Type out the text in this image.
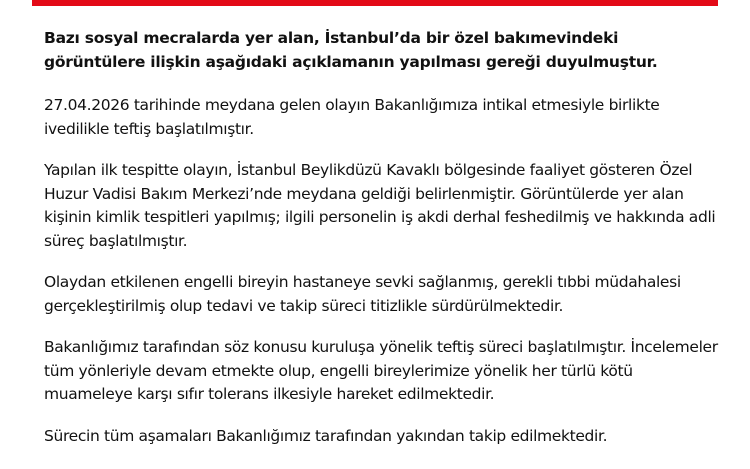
Bazı sosyal mecralarda yer alan, İstanbul’da bir özel bakımevindeki görüntülere ilişkin aşağıdaki açıklamanın yapılması gereği duyulmuştur.

27.04.2026 tarihinde meydana gelen olayın Bakanlığımıza intikal etmesiyle birlikte ivedilikle teftiş başlatılmıştır.

Yapılan ilk tespitte olayın, İstanbul Beylikdüzü Kavaklı bölgesinde faaliyet gösteren Özel Huzur Vadisi Bakım Merkezi’nde meydana geldiği belirlenmiştir. Görüntülerde yer alan kişinin kimlik tespitleri yapılmış; ilgili personelin iş akdi derhal feshedilmiş ve hakkında adli süreç başlatılmıştır.

Olaydan etkilenen engelli bireyin hastaneye sevki sağlanmış, gerekli tıbbi müdahalesi gerçekleştirilmiş olup tedavi ve takip süreci titizlikle sürdürülmektedir.

Bakanlığımız tarafından söz konusu kuruluşa yönelik teftiş süreci başlatılmıştır. İncelemeler tüm yönleriyle devam etmekte olup, engelli bireylerimize yönelik her türlü kötü muameleye karşı sıfır tolerans ilkesiyle hareket edilmektedir.

Sürecin tüm aşamaları Bakanlığımız tarafından yakından takip edilmektedir.
